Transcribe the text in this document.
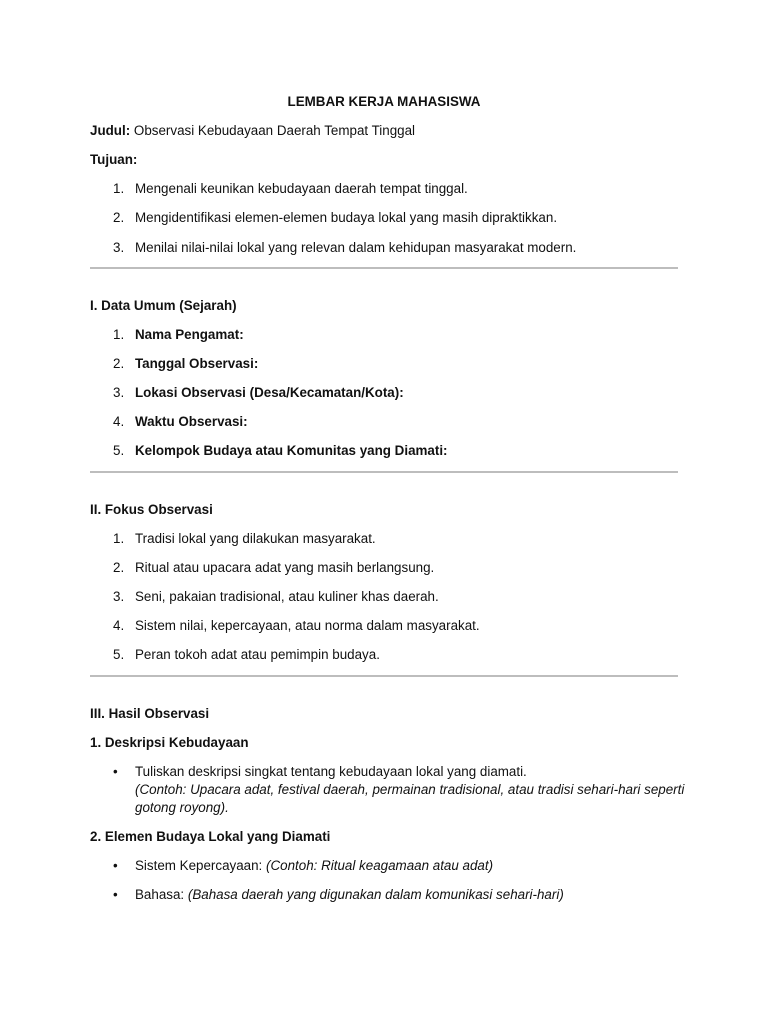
LEMBAR KERJA MAHASISWA

Judul: Observasi Kebudayaan Daerah Tempat Tinggal

Tujuan:

1. Mengenali keunikan kebudayaan daerah tempat tinggal.

2. Mengidentifikasi elemen-elemen budaya lokal yang masih dipraktikkan.

3. Menilai nilai-nilai lokal yang relevan dalam kehidupan masyarakat modern.

I. Data Umum (Sejarah)

1. Nama Pengamat:

2. Tanggal Observasi:

3. Lokasi Observasi (Desa/Kecamatan/Kota):

4. Waktu Observasi:

5. Kelompok Budaya atau Komunitas yang Diamati:

II. Fokus Observasi

1. Tradisi lokal yang dilakukan masyarakat.

2. Ritual atau upacara adat yang masih berlangsung.

3. Seni, pakaian tradisional, atau kuliner khas daerah.

4. Sistem nilai, kepercayaan, atau norma dalam masyarakat.

5. Peran tokoh adat atau pemimpin budaya.

III. Hasil Observasi

1. Deskripsi Kebudayaan

• Tuliskan deskripsi singkat tentang kebudayaan lokal yang diamati.

(Contoh: Upacara adat, festival daerah, permainan tradisional, atau tradisi sehari-hari seperti

gotong royong).

2. Elemen Budaya Lokal yang Diamati

• Sistem Kepercayaan: (Contoh: Ritual keagamaan atau adat)

• Bahasa: (Bahasa daerah yang digunakan dalam komunikasi sehari-hari)
